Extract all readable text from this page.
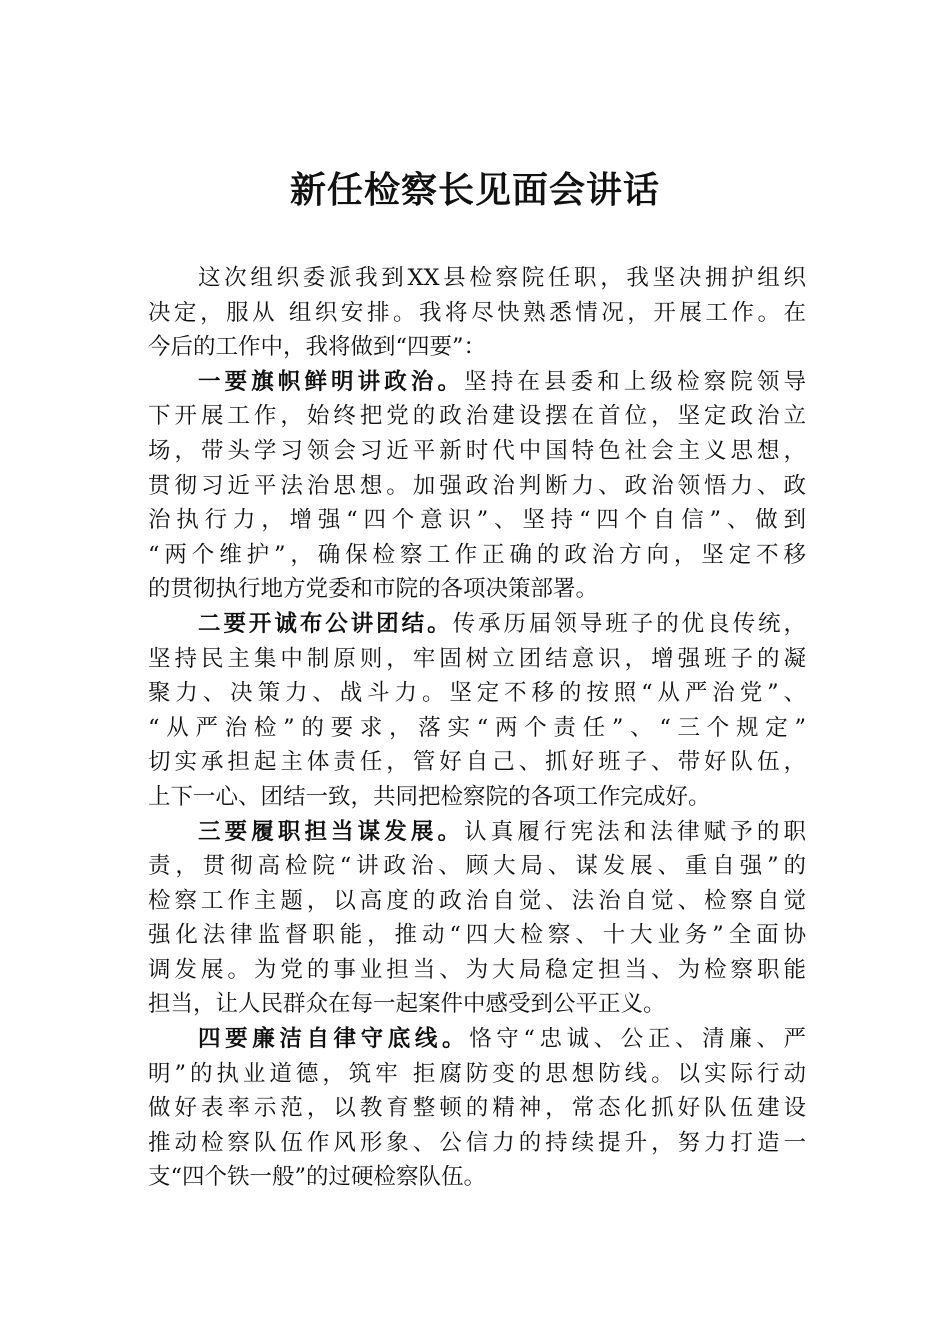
新任检察长见面会讲话
这次组织委派我到XX县检察院任职，我坚决拥护组织
决定，服从 组织安排。我将尽快熟悉情况，开展工作。在
今后的工作中，我将做到“四要”：
一要旗帜鲜明讲政治。坚持在县委和上级检察院领导
下开展工作，始终把党的政治建设摆在首位，坚定政治立
场，带头学习领会习近平新时代中国特色社会主义思想，
贯彻习近平法治思想。加强政治判断力、政治领悟力、政
治执行力，增强“四个意识”、坚持“四个自信”、做到
“两个维护”，确保检察工作正确的政治方向，坚定不移
的贯彻执行地方党委和市院的各项决策部署。
二要开诚布公讲团结。传承历届领导班子的优良传统，
坚持民主集中制原则，牢固树立团结意识，增强班子的凝
聚力、决策力、战斗力。坚定不移的按照“从严治党”、
“从严治检”的要求，落实“两个责任”、“三个规定”
切实承担起主体责任，管好自己、抓好班子、带好队伍，
上下一心、团结一致，共同把检察院的各项工作完成好。
三要履职担当谋发展。认真履行宪法和法律赋予的职
责，贯彻高检院“讲政治、顾大局、谋发展、重自强”的
检察工作主题，以高度的政治自觉、法治自觉、检察自觉
强化法律监督职能，推动“四大检察、十大业务”全面协
调发展。为党的事业担当、为大局稳定担当、为检察职能
担当，让人民群众在每一起案件中感受到公平正义。
四要廉洁自律守底线。恪守“忠诚、公正、清廉、严
明”的执业道德，筑牢 拒腐防变的思想防线。以实际行动
做好表率示范，以教育整顿的精神，常态化抓好队伍建设
推动检察队伍作风形象、公信力的持续提升，努力打造一
支“四个铁一般”的过硬检察队伍。
